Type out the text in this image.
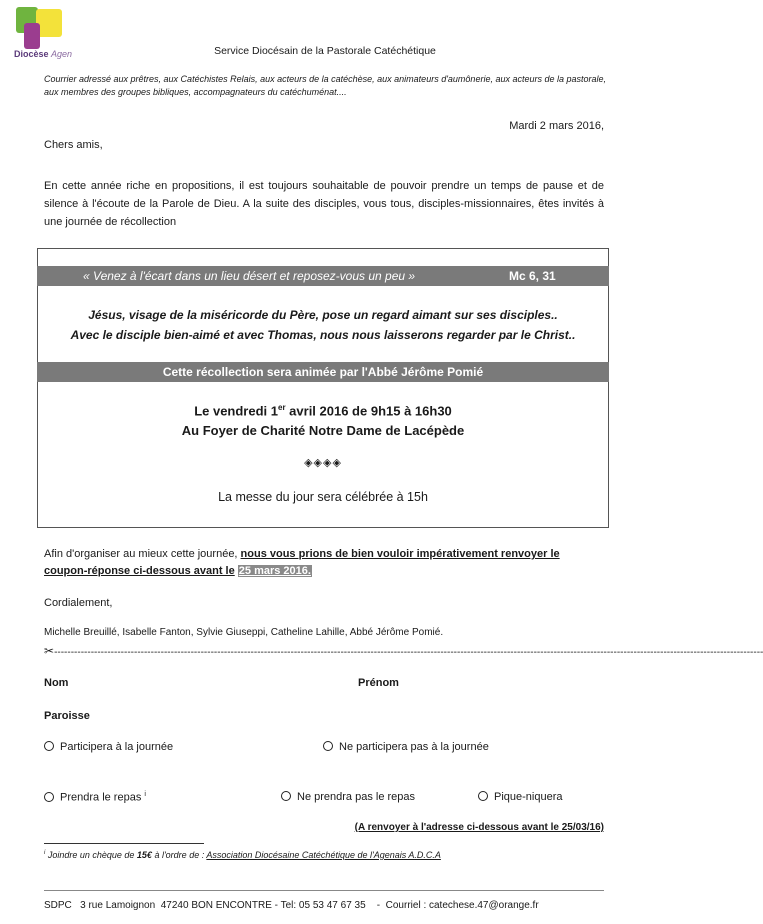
Diocèse Agen	Service Diocésain de la Pastorale Catéchétique
Courrier adressé aux prêtres, aux Catéchistes Relais, aux acteurs de la catéchèse, aux animateurs d'aumônerie, aux acteurs de la pastorale, aux membres des groupes bibliques, accompagnateurs du catéchuménat....
Mardi 2 mars 2016,
Chers amis,
En cette année riche en propositions, il est toujours souhaitable de pouvoir prendre un temps de pause et de silence à l'écoute de la Parole de Dieu. A la suite des disciples, vous tous, disciples-missionnaires, êtes invités à une journée de récollection
« Venez à l'écart dans un lieu désert et reposez-vous un peu »	Mc 6, 31
Jésus, visage de la miséricorde du Père, pose un regard aimant sur ses disciples..
Avec le disciple bien-aimé et avec Thomas, nous nous laisserons regarder par le Christ..
Cette récollection sera animée par l'Abbé Jérôme Pomié
Le vendredi 1er avril 2016 de 9h15 à 16h30
Au Foyer de Charité Notre Dame de Lacépède
◈◈◈◈
La messe du jour sera célébrée à 15h
Afin d'organiser au mieux cette journée, nous vous prions de bien vouloir impérativement renvoyer le coupon-réponse ci-dessous avant le 25 mars 2016.
Cordialement,
Michelle Breuillé, Isabelle Fanton, Sylvie Giuseppi, Catheline Lahille, Abbé Jérôme Pomié.
✂---------------------------------------------------------------------------------------------------------------------------------------------------------------------------------------------------------------------
Nom	Prénom
Paroisse
Participera à la journée	Ne participera pas à la journée
Prendra le repas $^i$	Ne prendra pas le repas	Pique-niquera
(A renvoyer à l'adresse ci-dessous avant le 25/03/16)
$^i$ Joindre un chèque de 15€ à l'ordre de : Association Diocésaine Catéchétique de l'Agenais A.D.C.A
SDPC   3 rue Lamoignon  47240 BON ENCONTRE - Tel: 05 53 47 67 35    -  Courriel : catechese.47@orange.fr
